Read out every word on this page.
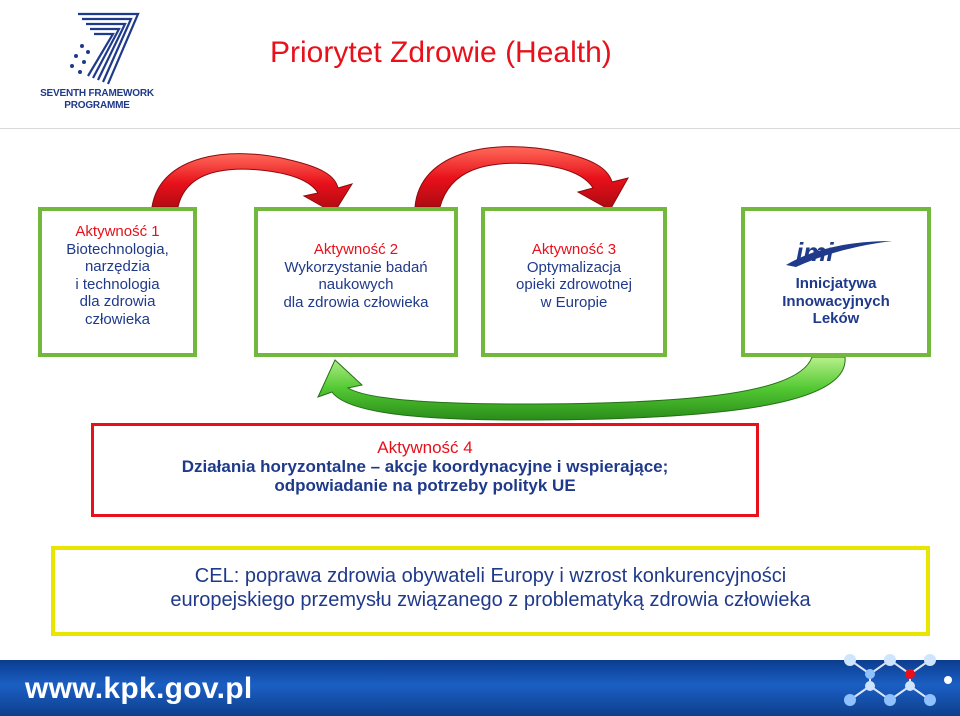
SEVENTH FRAMEWORK
PROGRAMME
Priorytet Zdrowie (Health)
Aktywność 1
Biotechnologia,
narzędzia
i technologia
dla zdrowia
człowieka
Aktywność 2
Wykorzystanie badań
naukowych
dla zdrowia człowieka
Aktywność 3
Optymalizacja
opieki zdrowotnej
w Europie
imi
Innicjatywa
Innowacyjnych
Leków
Aktywność 4
Działania horyzontalne – akcje koordynacyjne i wspierające;
odpowiadanie na potrzeby polityk UE
CEL: poprawa zdrowia obywateli Europy i wzrost konkurencyjności
europejskiego przemysłu związanego z problematyką zdrowia człowieka
www.kpk.gov.pl
